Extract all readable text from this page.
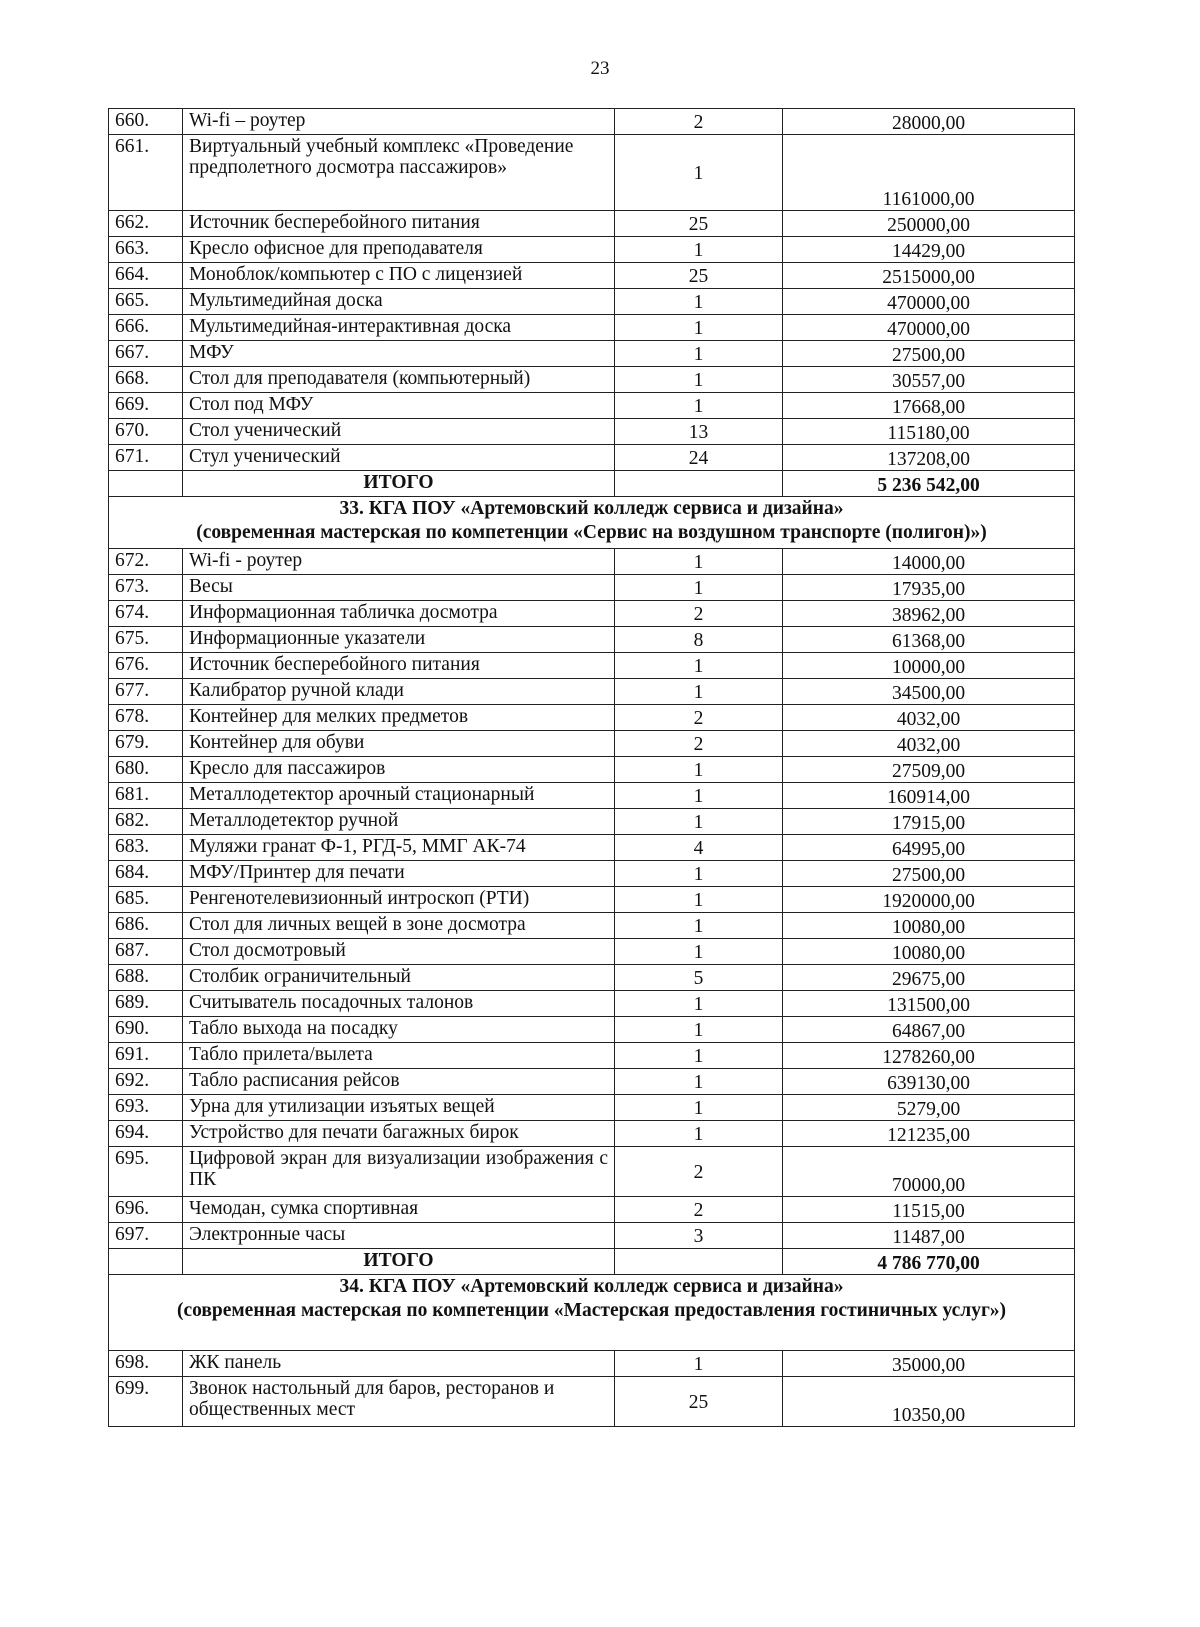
23
660.	Wi-fi – роутер	2	28000,00
661.	Виртуальный учебный комплекс «Проведение предполетного досмотра пассажиров»	1	1161000,00
662.	Источник бесперебойного питания	25	250000,00
663.	Кресло офисное для преподавателя	1	14429,00
664.	Моноблок/компьютер с ПО с лицензией	25	2515000,00
665.	Мультимедийная доска	1	470000,00
666.	Мультимедийная-интерактивная доска	1	470000,00
667.	МФУ	1	27500,00
668.	Стол для преподавателя (компьютерный)	1	30557,00
669.	Стол под МФУ	1	17668,00
670.	Стол ученический	13	115180,00
671.	Стул ученический	24	137208,00
	ИТОГО		5 236 542,00

33. КГА ПОУ «Артемовский колледж сервиса и дизайна»
(современная мастерская по компетенции «Сервис на воздушном транспорте (полигон)»)			

672.	Wi-fi - роутер	1	14000,00
673.	Весы	1	17935,00
674.	Информационная табличка досмотра	2	38962,00
675.	Информационные указатели	8	61368,00
676.	Источник бесперебойного питания	1	10000,00
677.	Калибратор ручной клади	1	34500,00
678.	Контейнер для мелких предметов	2	4032,00
679.	Контейнер для обуви	2	4032,00
680.	Кресло для пассажиров	1	27509,00
681.	Металлодетектор арочный стационарный	1	160914,00
682.	Металлодетектор ручной	1	17915,00
683.	Муляжи гранат Ф-1, РГД-5, ММГ АК-74	4	64995,00
684.	МФУ/Принтер для печати	1	27500,00
685.	Ренгенотелевизионный интроскоп (РТИ)	1	1920000,00
686.	Стол для личных вещей в зоне досмотра	1	10080,00
687.	Стол досмотровый	1	10080,00
688.	Столбик ограничительный	5	29675,00
689.	Считыватель посадочных талонов	1	131500,00
690.	Табло выхода на посадку	1	64867,00
691.	Табло прилета/вылета	1	1278260,00
692.	Табло расписания рейсов	1	639130,00
693.	Урна для утилизации изъятых вещей	1	5279,00
694.	Устройство для печати багажных бирок	1	121235,00
695.	Цифровой экран для визуализации изображения с ПК	2	70000,00
696.	Чемодан, сумка спортивная	2	11515,00
697.	Электронные часы	3	11487,00
	ИТОГО		4 786 770,00

34. КГА ПОУ «Артемовский колледж сервиса и дизайна»
(современная мастерская по компетенции «Мастерская предоставления гостиничных услуг»)			

698.	ЖК панель	1	35000,00
699.	Звонок настольный для баров, ресторанов и общественных мест	25	10350,00
